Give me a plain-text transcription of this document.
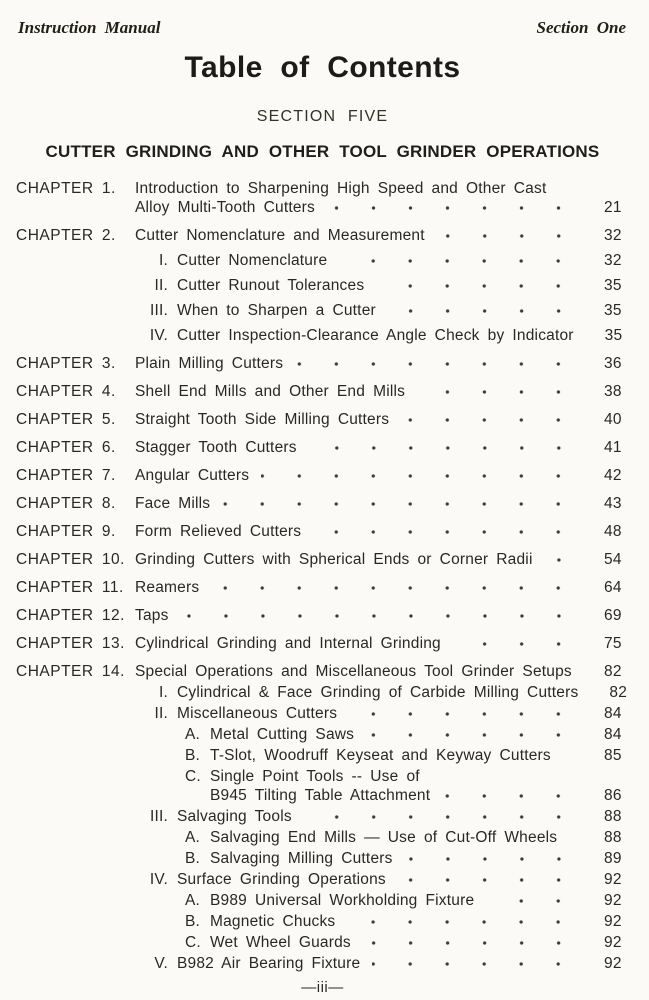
Instruction Manual	Section One
Table of Contents
SECTION FIVE
CUTTER GRINDING AND OTHER TOOL GRINDER OPERATIONS
CHAPTER 1.	Introduction to Sharpening High Speed and Other Cast
Alloy Multi-Tooth Cutters	21
CHAPTER 2.	Cutter Nomenclature and Measurement	32
I. Cutter Nomenclature	32
II. Cutter Runout Tolerances	35
III. When to Sharpen a Cutter	35
IV. Cutter Inspection-Clearance Angle Check by Indicator	35
CHAPTER 3.	Plain Milling Cutters	36
CHAPTER 4.	Shell End Mills and Other End Mills	38
CHAPTER 5.	Straight Tooth Side Milling Cutters	40
CHAPTER 6.	Stagger Tooth Cutters	41
CHAPTER 7.	Angular Cutters	42
CHAPTER 8.	Face Mills	43
CHAPTER 9.	Form Relieved Cutters	48
CHAPTER 10. Grinding Cutters with Spherical Ends or Corner Radii	54
CHAPTER 11. Reamers	64
CHAPTER 12. Taps	69
CHAPTER 13. Cylindrical Grinding and Internal Grinding	75
CHAPTER 14. Special Operations and Miscellaneous Tool Grinder Setups	82
I. Cylindrical & Face Grinding of Carbide Milling Cutters	82
II. Miscellaneous Cutters	84
A. Metal Cutting Saws	84
B. T-Slot, Woodruff Keyseat and Keyway Cutters	85
C. Single Point Tools -- Use of
B945 Tilting Table Attachment	86
III. Salvaging Tools	88
A. Salvaging End Mills — Use of Cut-Off Wheels	88
B. Salvaging Milling Cutters	89
IV. Surface Grinding Operations	92
A. B989 Universal Workholding Fixture	92
B. Magnetic Chucks	92
C. Wet Wheel Guards	92
V. B982 Air Bearing Fixture	92
—iii—
